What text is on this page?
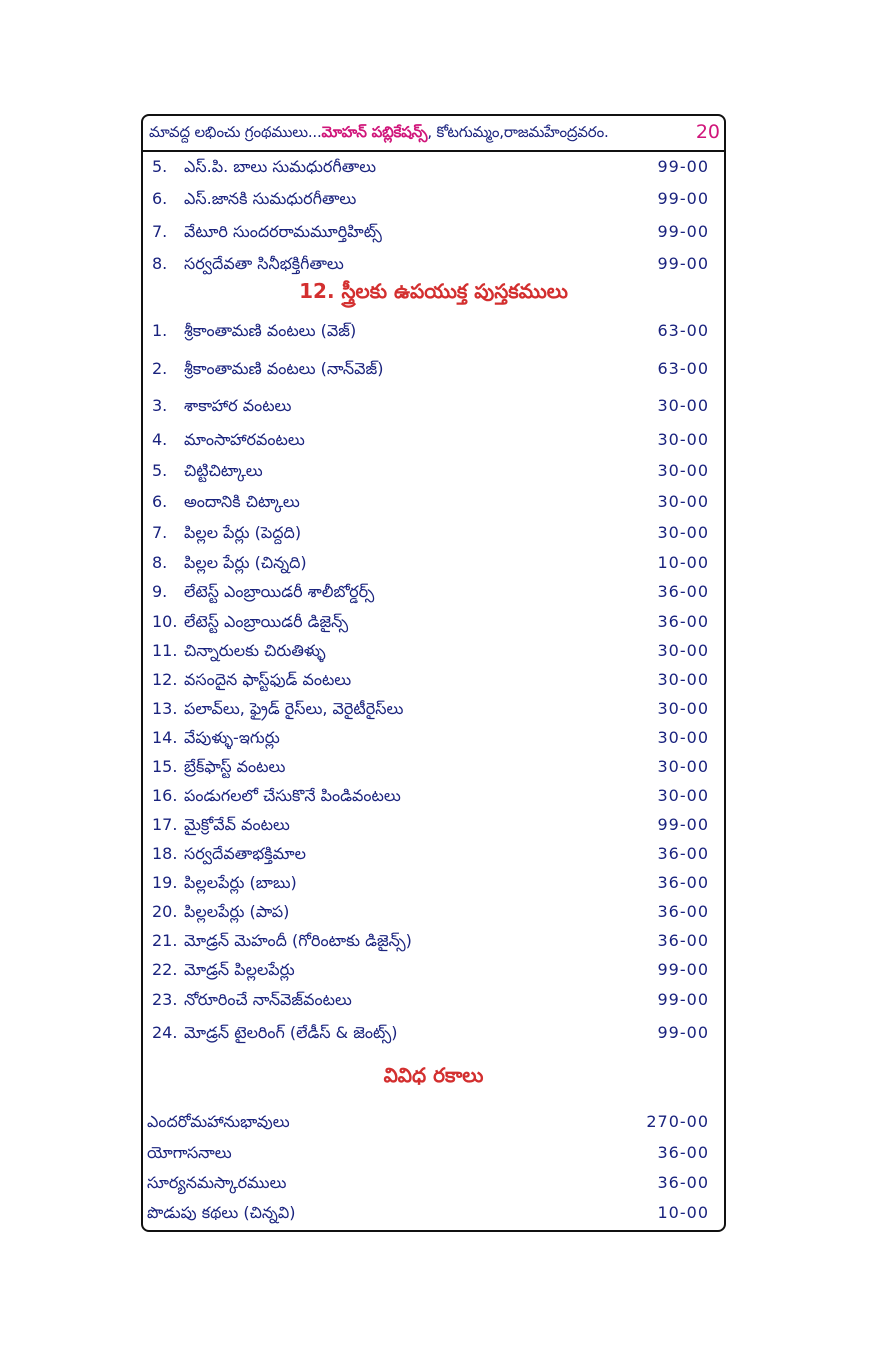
మావద్ద లభించు గ్రంథములు...మోహన్ పబ్లికేషన్స్, కోటగుమ్మం,రాజమహేంద్రవరం.	20
5. ఎస్.పి. బాలు సుమధురగీతాలు	99-00
6. ఎస్.జానకి సుమధురగీతాలు	99-00
7. వేటూరి సుందరరామమూర్తిహిట్స్	99-00
8. సర్వదేవతా సినీభక్తిగీతాలు	99-00
12. స్త్రీలకు ఉపయుక్త పుస్తకములు
1. శ్రీకాంతామణి వంటలు (వెజ్)	63-00
2. శ్రీకాంతామణి వంటలు (నాన్‌వెజ్)	63-00
3. శాకాహార వంటలు	30-00
4. మాంసాహారవంటలు	30-00
5. చిట్టిచిట్కాలు	30-00
6. అందానికి చిట్కాలు	30-00
7. పిల్లల పేర్లు (పెద్దది)	30-00
8. పిల్లల పేర్లు (చిన్నది)	10-00
9. లేటెస్ట్ ఎంబ్రాయిడరీ శాలీబోర్డర్స్	36-00
10. లేటెస్ట్ ఎంబ్రాయిడరీ డిజైన్స్	36-00
11. చిన్నారులకు చిరుతిళ్ళు	30-00
12. వసందైన ఫాస్ట్‌ఫుడ్ వంటలు	30-00
13. పలావ్‌లు, ఫ్రైడ్ రైస్‌లు, వెరైటీరైస్‌లు	30-00
14. వేపుళ్ళు-ఇగుర్లు	30-00
15. బ్రేక్‌ఫాస్ట్ వంటలు	30-00
16. పండుగలలో చేసుకొనే పిండివంటలు	30-00
17. మైక్రోవేవ్ వంటలు	99-00
18. సర్వదేవతాభక్తిమాల	36-00
19. పిల్లలపేర్లు (బాబు)	36-00
20. పిల్లలపేర్లు (పాప)	36-00
21. మోడ్రన్ మెహందీ (గోరింటాకు డిజైన్స్)	36-00
22. మోడ్రన్ పిల్లలపేర్లు	99-00
23. నోరూరించే నాన్‌వెజ్‌వంటలు	99-00
24. మోడ్రన్ టైలరింగ్ (లేడీస్ & జెంట్స్)	99-00
వివిధ రకాలు
ఎందరోమహానుభావులు	270-00
యోగాసనాలు	36-00
సూర్యనమస్కారములు	36-00
పొడుపు కథలు (చిన్నవి)	10-00
